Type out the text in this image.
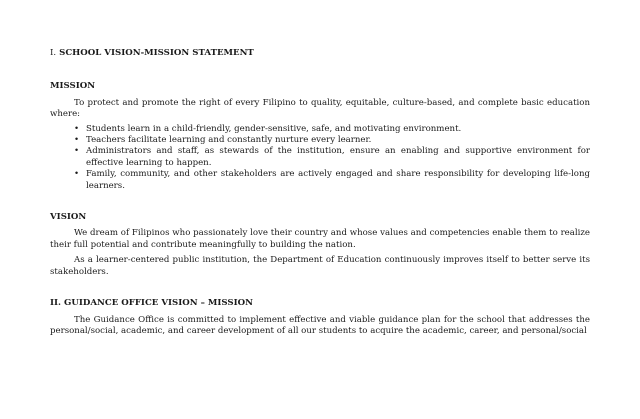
I. SCHOOL VISION-MISSION STATEMENT

MISSION

To protect and promote the right of every Filipino to quality, equitable, culture-based, and complete basic education where:

• Students learn in a child-friendly, gender-sensitive, safe, and motivating environment.
• Teachers facilitate learning and constantly nurture every learner.
• Administrators and staff, as stewards of the institution, ensure an enabling and supportive environment for effective learning to happen.
• Family, community, and other stakeholders are actively engaged and share responsibility for developing life-long learners.

VISION

We dream of Filipinos who passionately love their country and whose values and competencies enable them to realize their full potential and contribute meaningfully to building the nation.

As a learner-centered public institution, the Department of Education continuously improves itself to better serve its stakeholders.

II. GUIDANCE OFFICE VISION – MISSION

The Guidance Office is committed to implement effective and viable guidance plan for the school that addresses the personal/social, academic, and career development of all our students to acquire the academic, career, and personal/social
